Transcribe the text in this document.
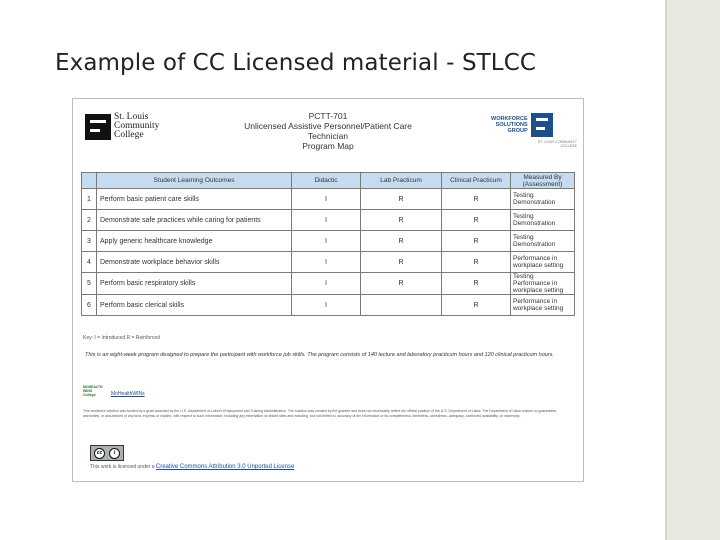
Example of CC Licensed material - STLCC
St. Louis
Community
College
PCTT-701
Unlicensed Assistive Personnel/Patient Care Technician
Program Map
WORKFORCE
SOLUTIONS
GROUP
ST. LOUIS COMMUNITY COLLEGE
	Student Learning Outcomes	Didactic	Lab Practicum	Clinical Practicum	Measured By (Assessment)
1	Perform basic patient care skills	I	R	R	Testing Demonstration
2	Demonstrate safe practices while caring for patients	I	R	R	Testing Demonstration
3	Apply generic healthcare knowledge	I	R	R	Testing Demonstration
4	Demonstrate workplace behavior skills	I	R	R	Performance in workplace setting
5	Perform basic respiratory skills	I	R	R	Testing Performance in workplace setting
6	Perform basic clerical skills	I		R	Performance in workplace setting
Key: I = Introduced R = Reinforced
This is an eight-week program designed to prepare the participant with workforce job skills. The program consists of 140 lecture and laboratory practicum hours and 120 clinical practicum hours.
MOHEALTH
WINS
College	MoHealthWINs
This workforce solution was funded by a grant awarded by the U.S. Department of Labor's Employment and Training Administration. The solution was created by the grantee and does not necessarily reflect the official position of the U.S. Department of Labor. The Department of Labor makes no guarantees, warranties, or assurances of any kind, express or implied, with respect to such information, including any information on linked sites and including, but not limited to, accuracy of the information or its completeness, timeliness, usefulness, adequacy, continued availability, or ownership.
cc	i
This work is licensed under a Creative Commons Attribution 3.0 Unported License
